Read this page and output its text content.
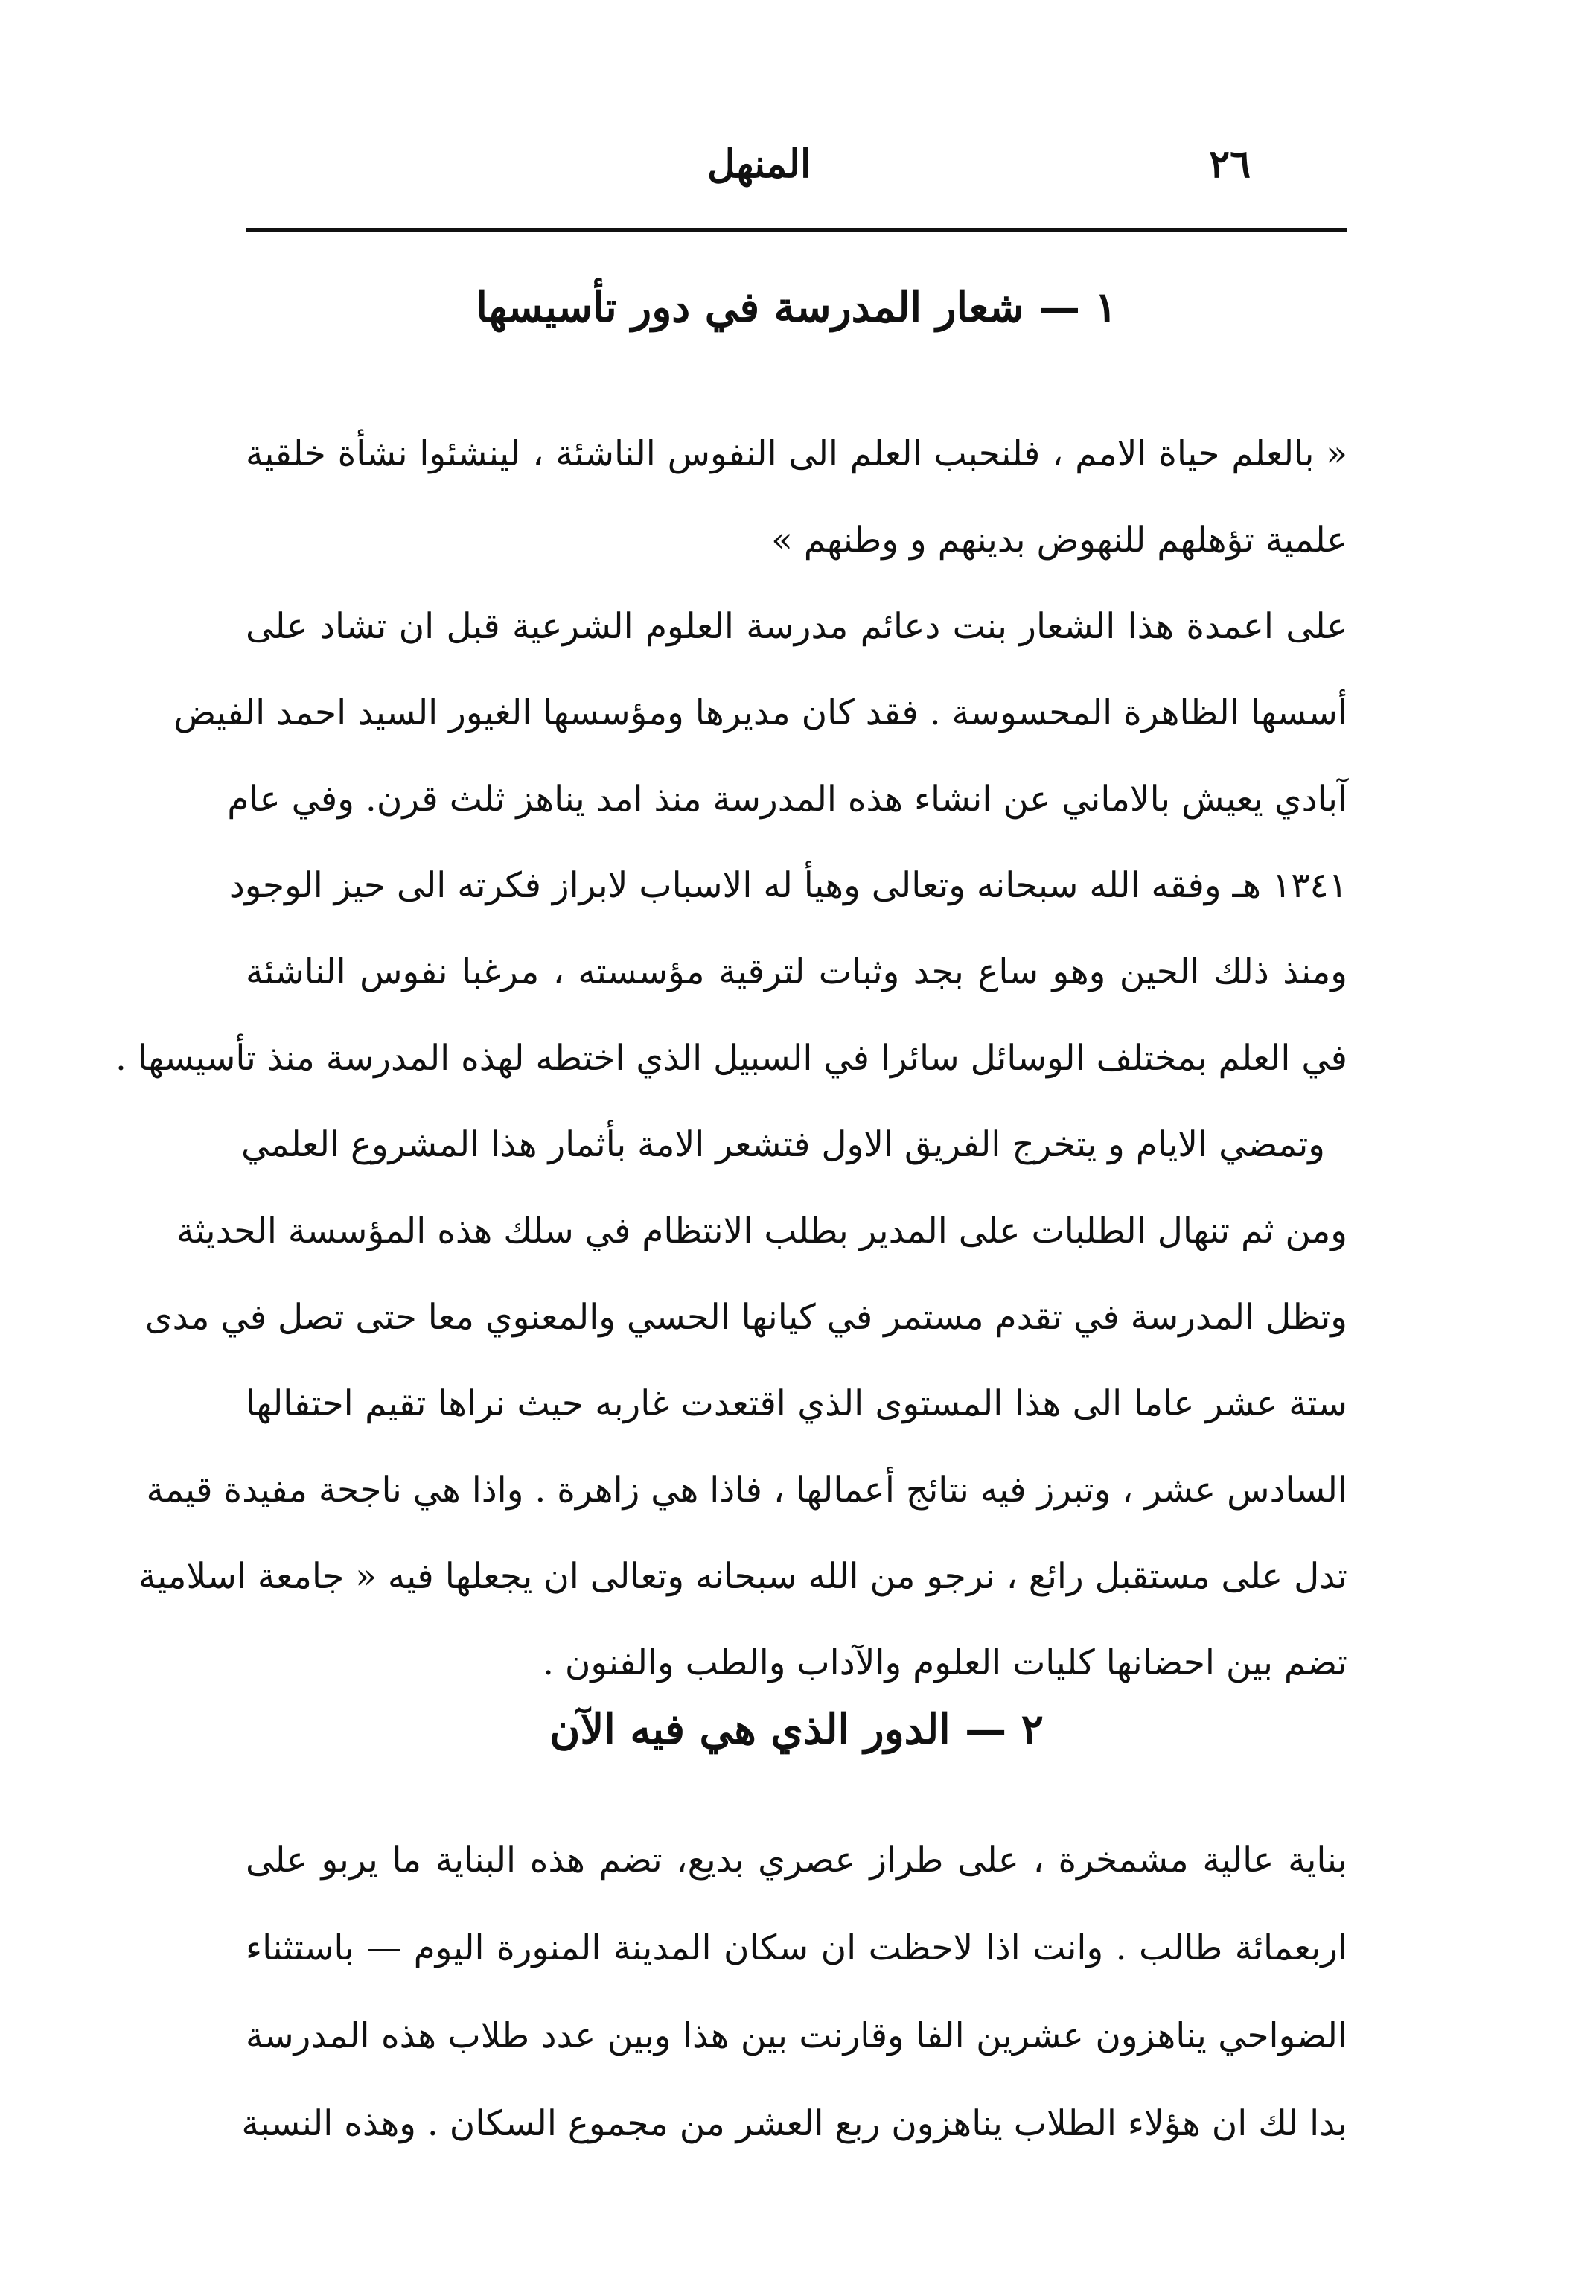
٢٦
المنهل
١ — شعار المدرسة في دور تأسيسها
« بالعلم حياة الامم ، فلنحبب العلم الى النفوس الناشئة ، لينشئوا نشأة خلقية
علمية تؤهلهم للنهوض بدينهم و وطنهم »
على اعمدة هذا الشعار بنت دعائم مدرسة العلوم الشرعية قبل ان تشاد على
أسسها الظاهرة المحسوسة . فقد كان مديرها ومؤسسها الغيور السيد احمد الفيض
آبادي يعيش بالاماني عن انشاء هذه المدرسة منذ امد يناهز ثلث قرن. وفي عام
١٣٤١ هـ وفقه الله سبحانه وتعالى وهيأ له الاسباب لابراز فكرته الى حيز الوجود
ومنذ ذلك الحين وهو ساع بجد وثبات لترقية مؤسسته ، مرغبا نفوس الناشئة
في العلم بمختلف الوسائل سائرا في السبيل الذي اختطه لهذه المدرسة منذ تأسيسها .
وتمضي الايام و يتخرج الفريق الاول فتشعر الامة بأثمار هذا المشروع العلمي
ومن ثم تنهال الطلبات على المدير بطلب الانتظام في سلك هذه المؤسسة الحديثة
وتظل المدرسة في تقدم مستمر في كيانها الحسي والمعنوي معا حتى تصل في مدى
ستة عشر عاما الى هذا المستوى الذي اقتعدت غاربه حيث نراها تقيم احتفالها
السادس عشر ، وتبرز فيه نتائج أعمالها ، فاذا هي زاهرة . واذا هي ناجحة مفيدة قيمة
تدل على مستقبل رائع ، نرجو من الله سبحانه وتعالى ان يجعلها فيه « جامعة اسلامية
تضم بين احضانها كليات العلوم والآداب والطب والفنون .
٢ — الدور الذي هي فيه الآن
بناية عالية مشمخرة ، على طراز عصري بديع، تضم هذه البناية ما يربو على
اربعمائة طالب . وانت اذا لاحظت ان سكان المدينة المنورة اليوم — باستثناء
الضواحي يناهزون عشرين الفا وقارنت بين هذا وبين عدد طلاب هذه المدرسة
بدا لك ان هؤلاء الطلاب يناهزون ربع العشر من مجموع السكان . وهذه النسبة
